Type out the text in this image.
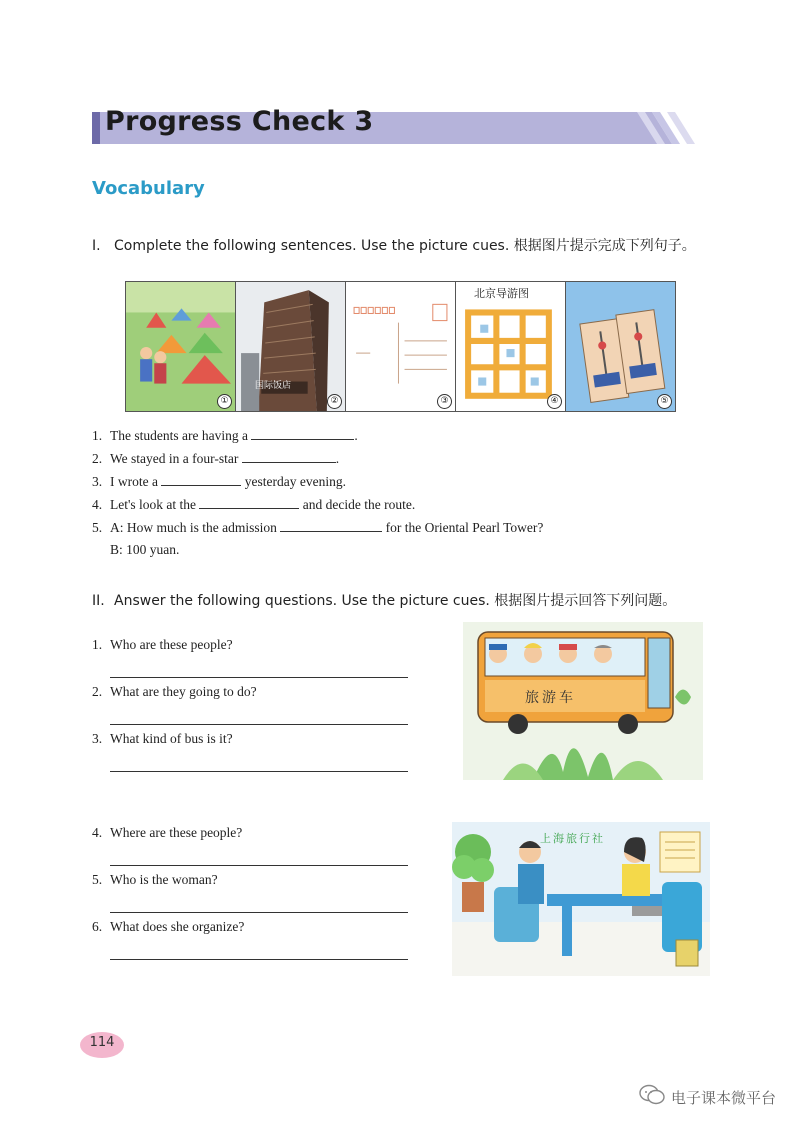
Progress Check 3
Vocabulary
I. Complete the following sentences. Use the picture cues. 根据图片提示完成下列句子。
①	②	③
北京导游图
④	⑤
国际饭店
1. The students are having a	.
2. We stayed in a four-star	.
3. I wrote a	yesterday evening.
4. Let's look at the	and decide the route.
5. A: How much is the admission	for the Oriental Pearl Tower?
B: 100 yuan.
II. Answer the following questions. Use the picture cues. 根据图片提示回答下列问题。
1. Who are these people?
2. What are they going to do?
3. What kind of bus is it?
4. Where are these people?
5. Who is the woman?
6. What does she organize?
旅游车
上海旅行社
114
电子课本微平台
